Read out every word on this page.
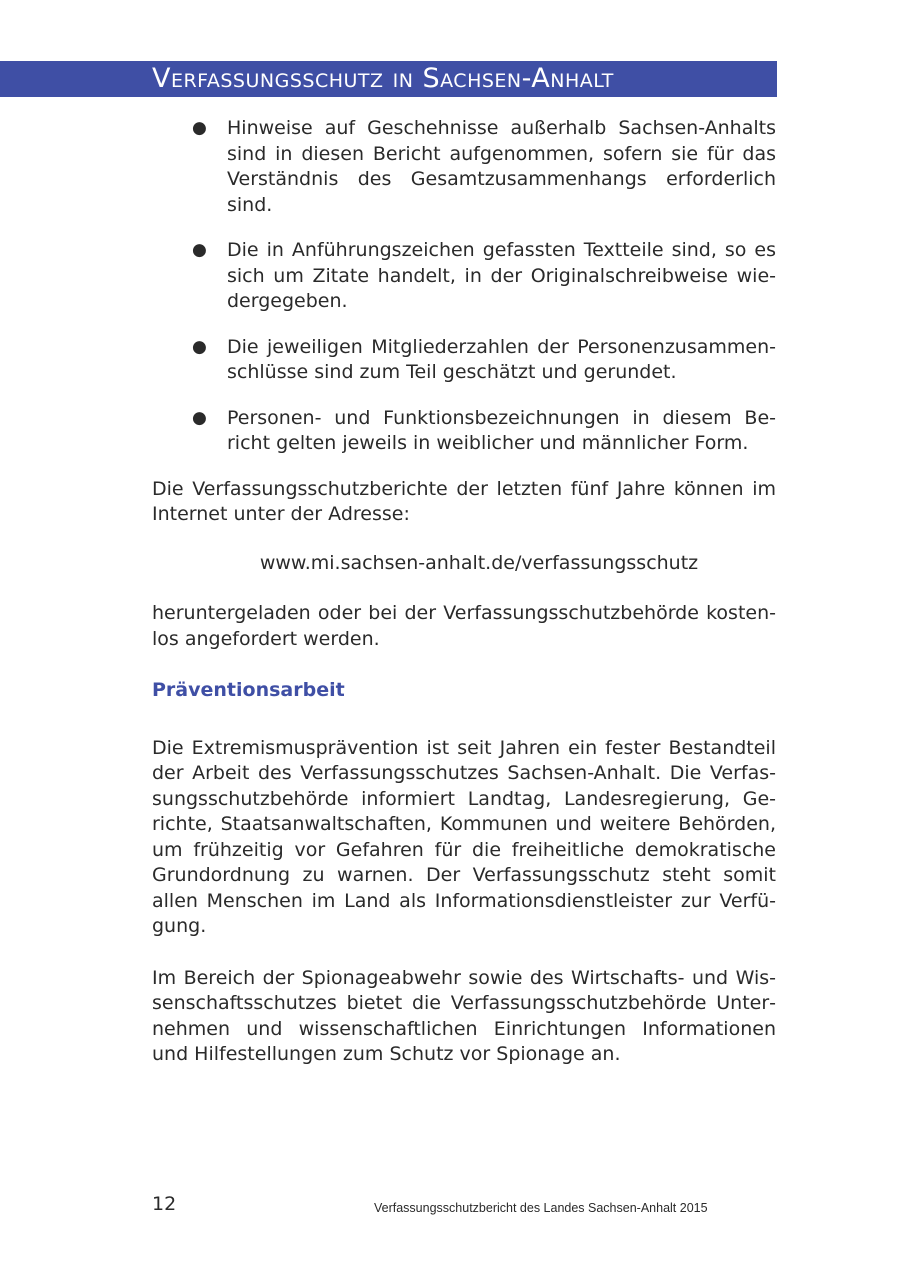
Verfassungsschutz in Sachsen-Anhalt
● Hinweise auf Geschehnisse außerhalb Sachsen-Anhalts sind in diesen Bericht aufgenommen, sofern sie für das Verständnis des Gesamtzusammenhangs erforderlich sind.
● Die in Anführungszeichen gefassten Textteile sind, so es sich um Zitate handelt, in der Originalschreibweise wiedergegeben.
● Die jeweiligen Mitgliederzahlen der Personenzusammenschlüsse sind zum Teil geschätzt und gerundet.
● Personen- und Funktionsbezeichnungen in diesem Bericht gelten jeweils in weiblicher und männlicher Form.

Die Verfassungsschutzberichte der letzten fünf Jahre können im Internet unter der Adresse:

www.mi.sachsen-anhalt.de/verfassungsschutz

heruntergeladen oder bei der Verfassungsschutzbehörde kostenlos angefordert werden.

Präventionsarbeit

Die Extremismusprävention ist seit Jahren ein fester Bestandteil der Arbeit des Verfassungsschutzes Sachsen-Anhalt. Die Verfassungsschutzbehörde informiert Landtag, Landesregierung, Gerichte, Staatsanwaltschaften, Kommunen und weitere Behörden, um frühzeitig vor Gefahren für die freiheitliche demokratische Grundordnung zu warnen. Der Verfassungsschutz steht somit allen Menschen im Land als Informationsdienstleister zur Verfügung.

Im Bereich der Spionageabwehr sowie des Wirtschafts- und Wissenschaftsschutzes bietet die Verfassungsschutzbehörde Unternehmen und wissenschaftlichen Einrichtungen Informationen und Hilfestellungen zum Schutz vor Spionage an.

12	Verfassungsschutzbericht des Landes Sachsen-Anhalt 2015
